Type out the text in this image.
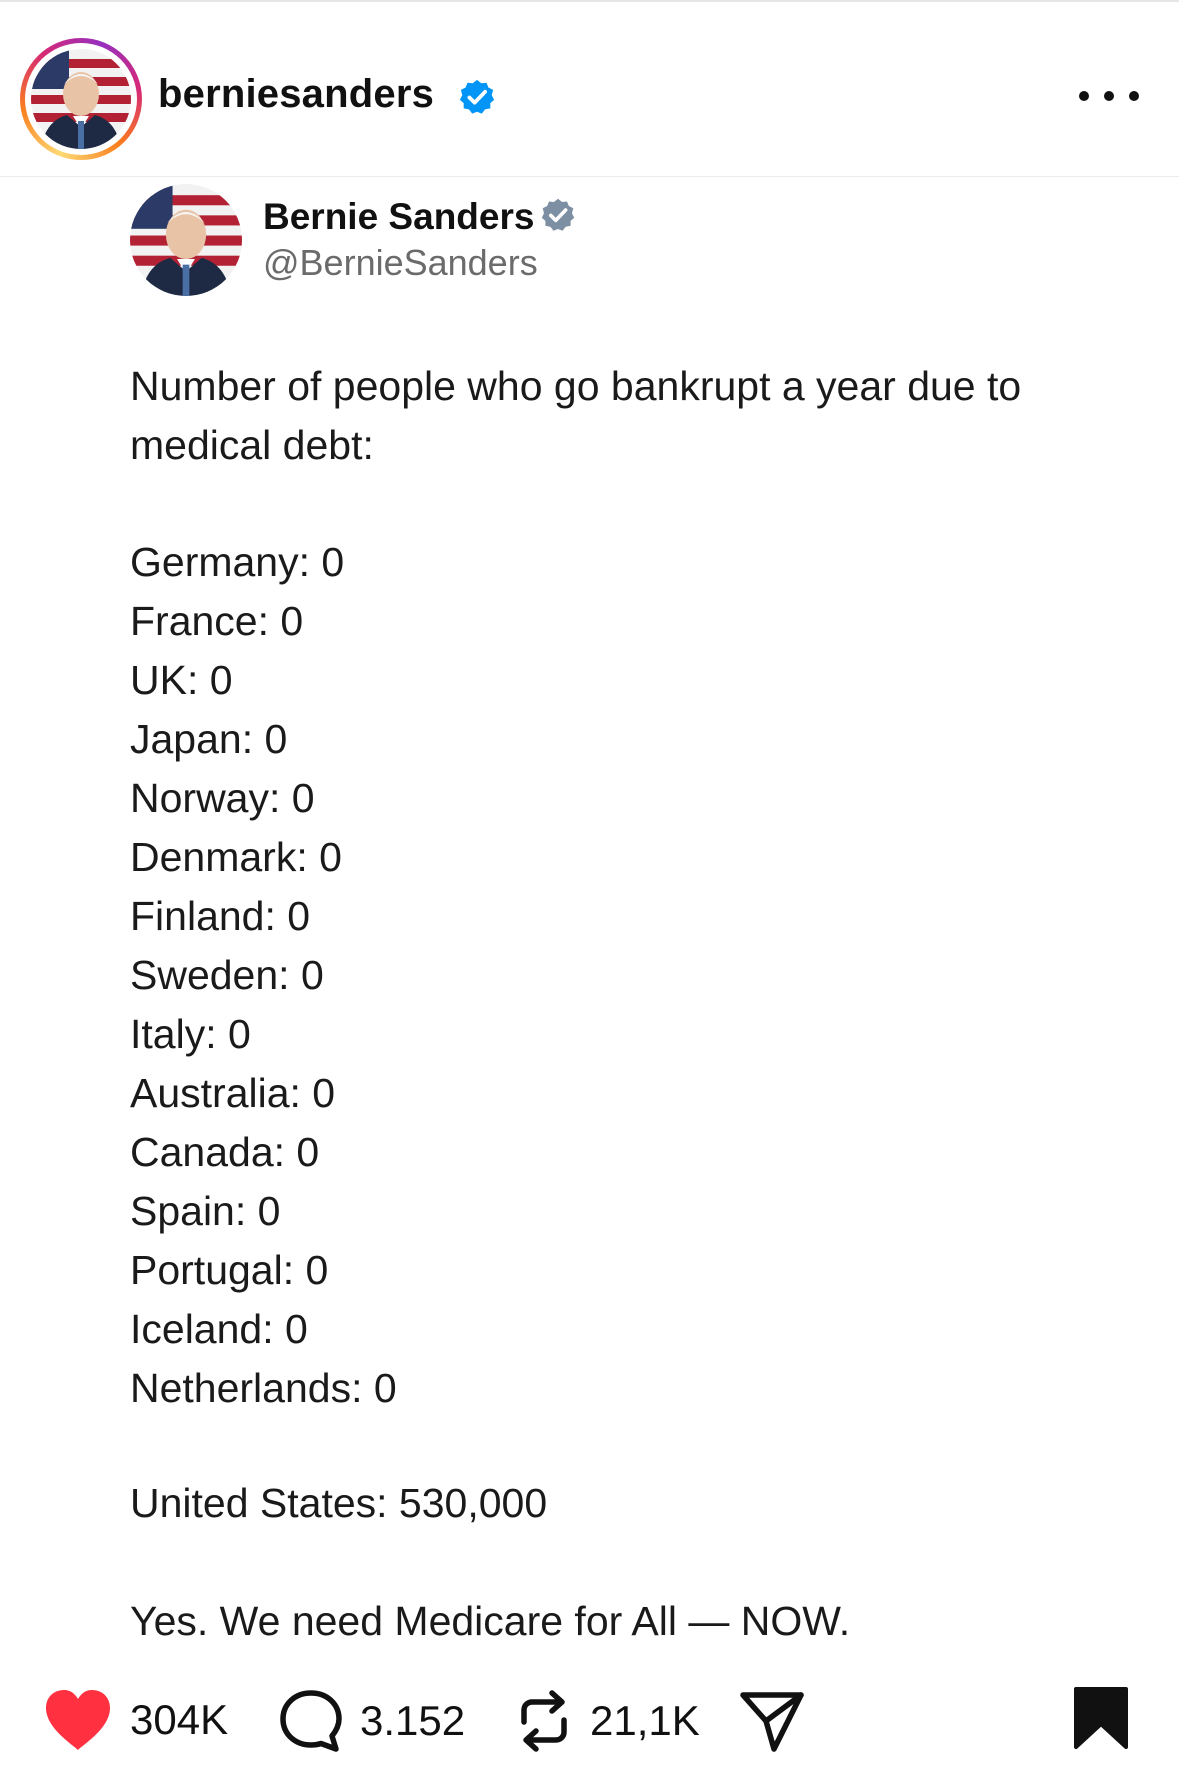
berniesanders
Bernie Sanders
@BernieSanders
Number of people who go bankrupt a year due to
medical debt:
Germany: 0
France: 0
UK: 0
Japan: 0
Norway: 0
Denmark: 0
Finland: 0
Sweden: 0
Italy: 0
Australia: 0
Canada: 0
Spain: 0
Portugal: 0
Iceland: 0
Netherlands: 0
United States: 530,000
Yes. We need Medicare for All — NOW.
304K	3.152	21,1K
